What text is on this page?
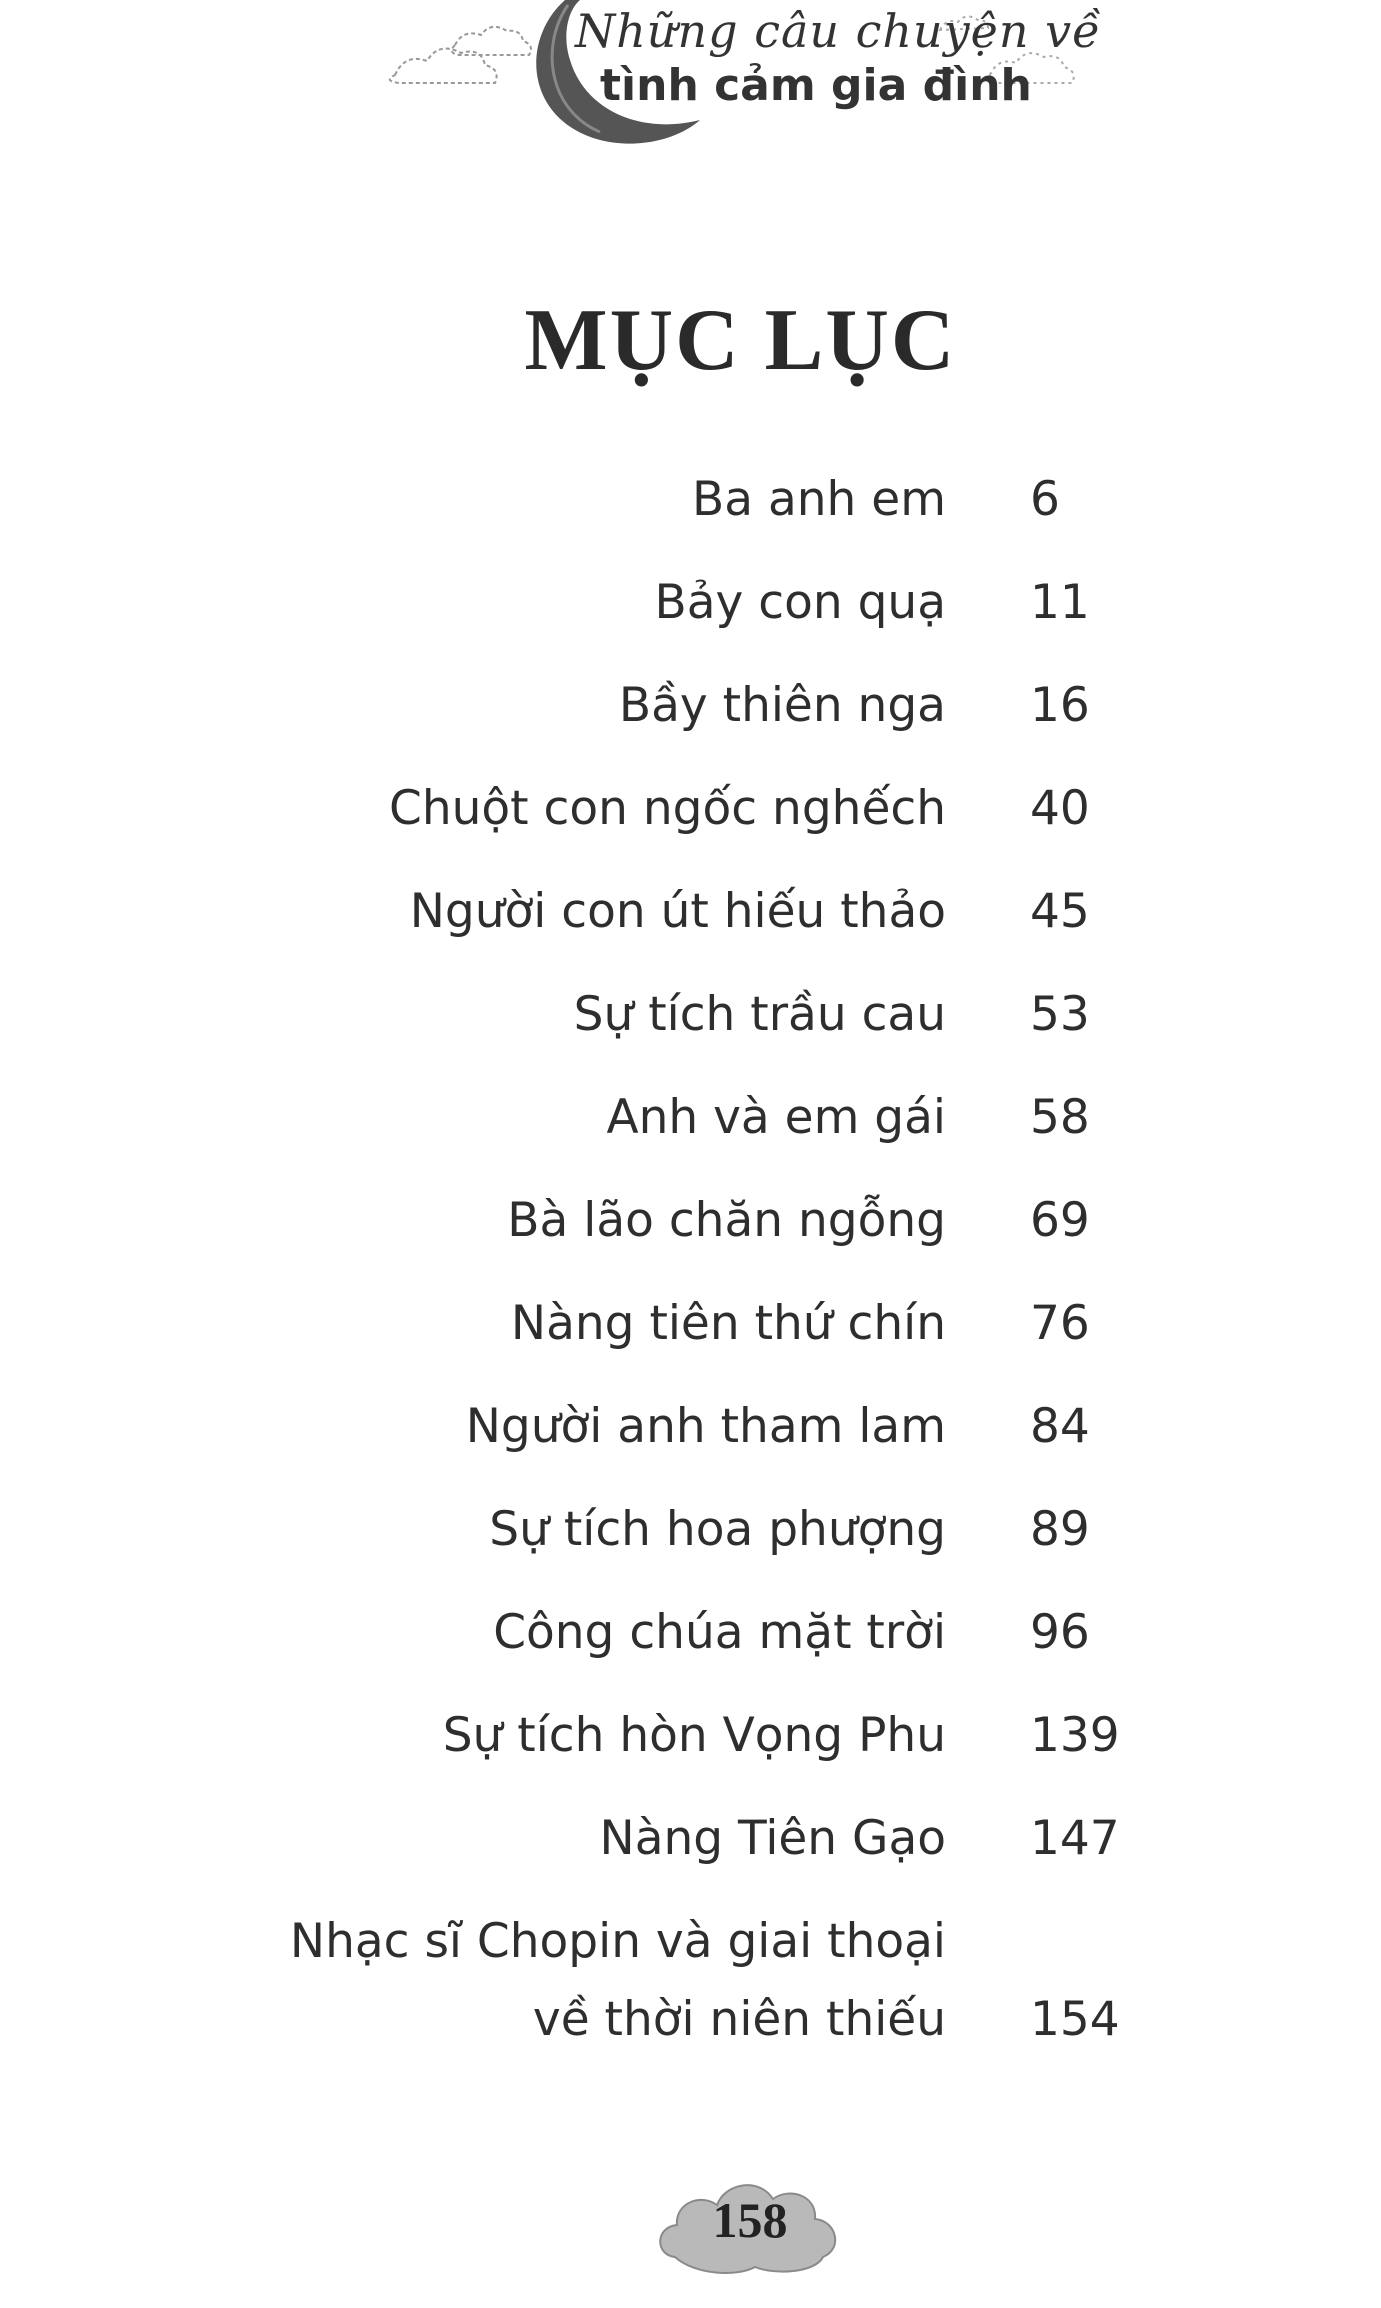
Những câu chuyện về
tình cảm gia đình
MỤC LỤC
Ba anh em 6
Bảy con quạ 11
Bầy thiên nga 16
Chuột con ngốc nghếch 40
Người con út hiếu thảo 45
Sự tích trầu cau 53
Anh và em gái 58
Bà lão chăn ngỗng 69
Nàng tiên thứ chín 76
Người anh tham lam 84
Sự tích hoa phượng 89
Công chúa mặt trời 96
Sự tích hòn Vọng Phu 139
Nàng Tiên Gạo 147
Nhạc sĩ Chopin và giai thoại
về thời niên thiếu 154
158
